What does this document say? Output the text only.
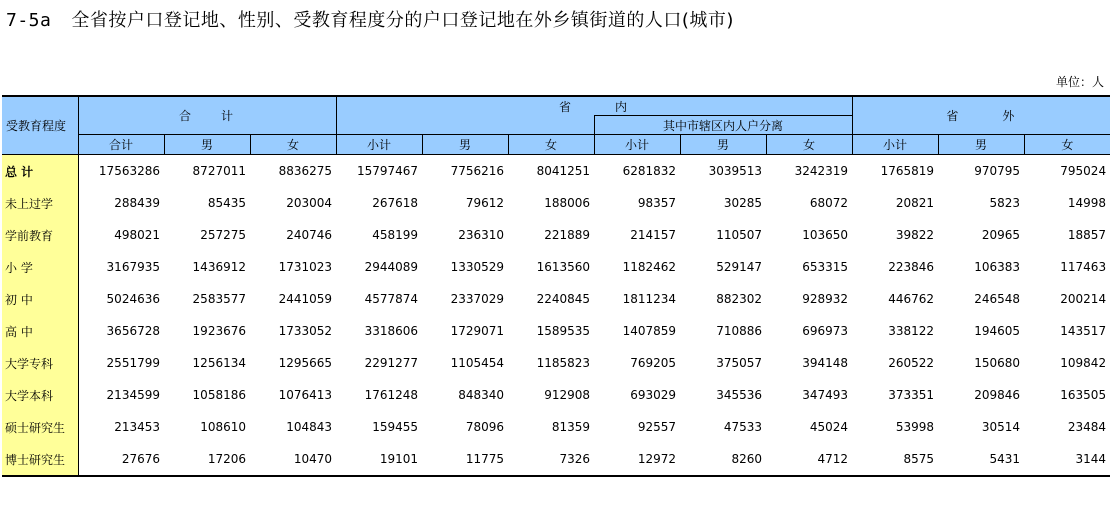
7-5a 全省按户口登记地、性别、受教育程度分的户口登记地在外乡镇街道的人口(城市)
单位：人
受教育程度	合　　计			省　　　内						省　　　外		
							其中市辖区内人户分离					
	合计	男	女	小计	男	女	小计	男	女	小计	男	女
总 计	17563286	8727011	8836275	15797467	7756216	8041251	6281832	3039513	3242319	1765819	970795	795024
未上过学	288439	85435	203004	267618	79612	188006	98357	30285	68072	20821	5823	14998
学前教育	498021	257275	240746	458199	236310	221889	214157	110507	103650	39822	20965	18857
小 学	3167935	1436912	1731023	2944089	1330529	1613560	1182462	529147	653315	223846	106383	117463
初 中	5024636	2583577	2441059	4577874	2337029	2240845	1811234	882302	928932	446762	246548	200214
高 中	3656728	1923676	1733052	3318606	1729071	1589535	1407859	710886	696973	338122	194605	143517
大学专科	2551799	1256134	1295665	2291277	1105454	1185823	769205	375057	394148	260522	150680	109842
大学本科	2134599	1058186	1076413	1761248	848340	912908	693029	345536	347493	373351	209846	163505
硕士研究生	213453	108610	104843	159455	78096	81359	92557	47533	45024	53998	30514	23484
博士研究生	27676	17206	10470	19101	11775	7326	12972	8260	4712	8575	5431	3144
